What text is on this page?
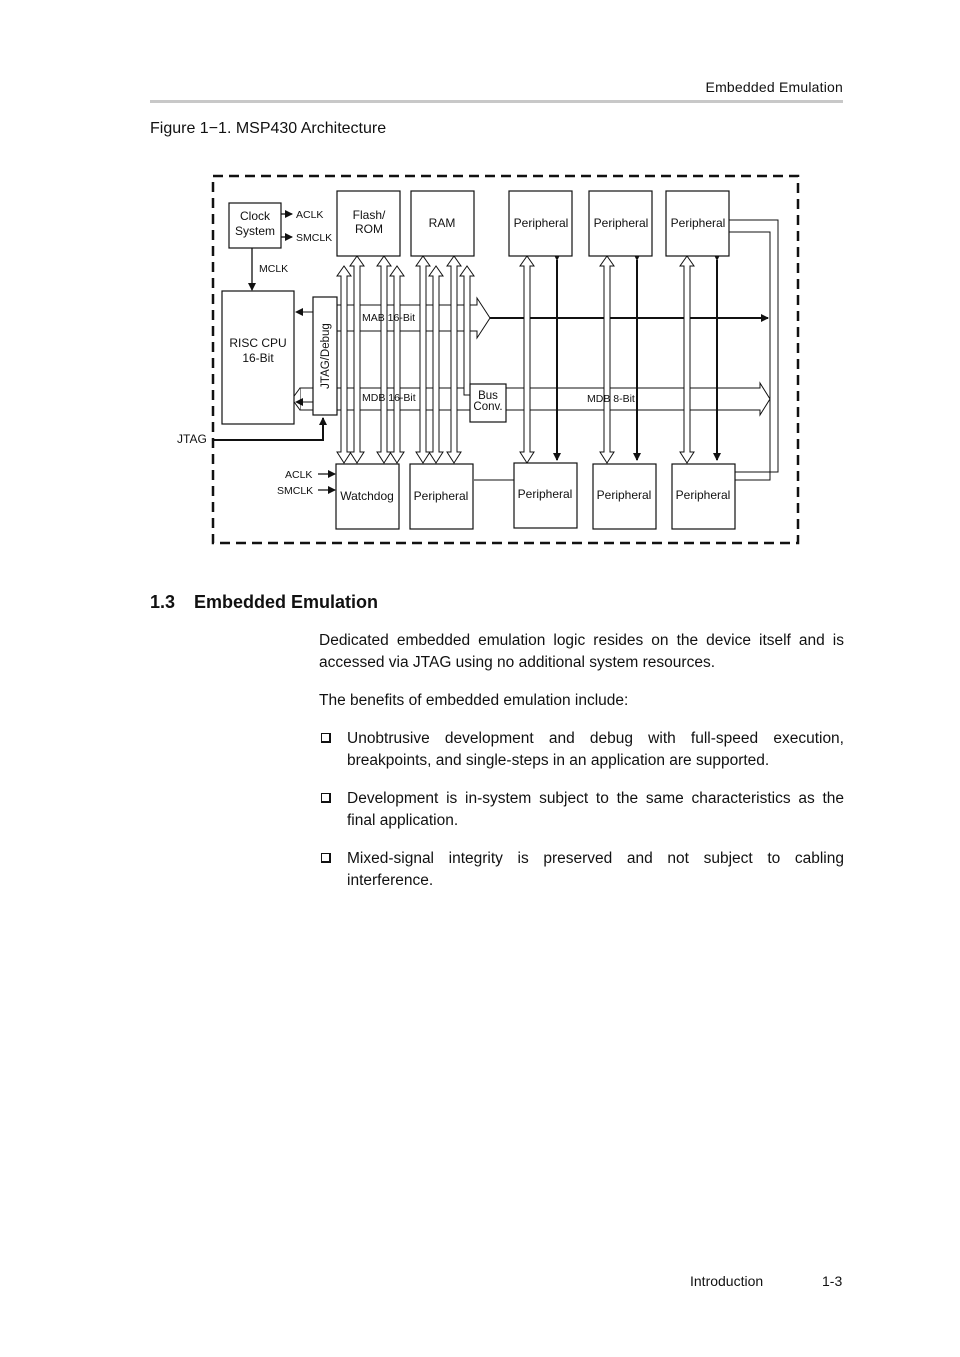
Embedded Emulation
Figure 1−1. MSP430 Architecture
Clock
System
ACLK
SMCLK
MCLK
Flash/
ROM	RAM	Peripheral Peripheral Peripheral
RISC CPU
16-Bit	JTAG/Debug
JTAG
MAB 16-Bit
MDB 16-Bit	MDB 8-Bit
Bus
Conv.
ACLK
SMCLK Watchdog Peripheral	Peripheral Peripheral Peripheral
1.3 Embedded Emulation
Dedicated embedded emulation logic resides on the device itself and is accessed via JTAG using no additional system resources.
The benefits of embedded emulation include:
Unobtrusive development and debug with full-speed execution, breakpoints, and single-steps in an application are supported.
Development is in-system subject to the same characteristics as the final application.
Mixed-signal integrity is preserved and not subject to cabling interference.
Introduction	1-3
